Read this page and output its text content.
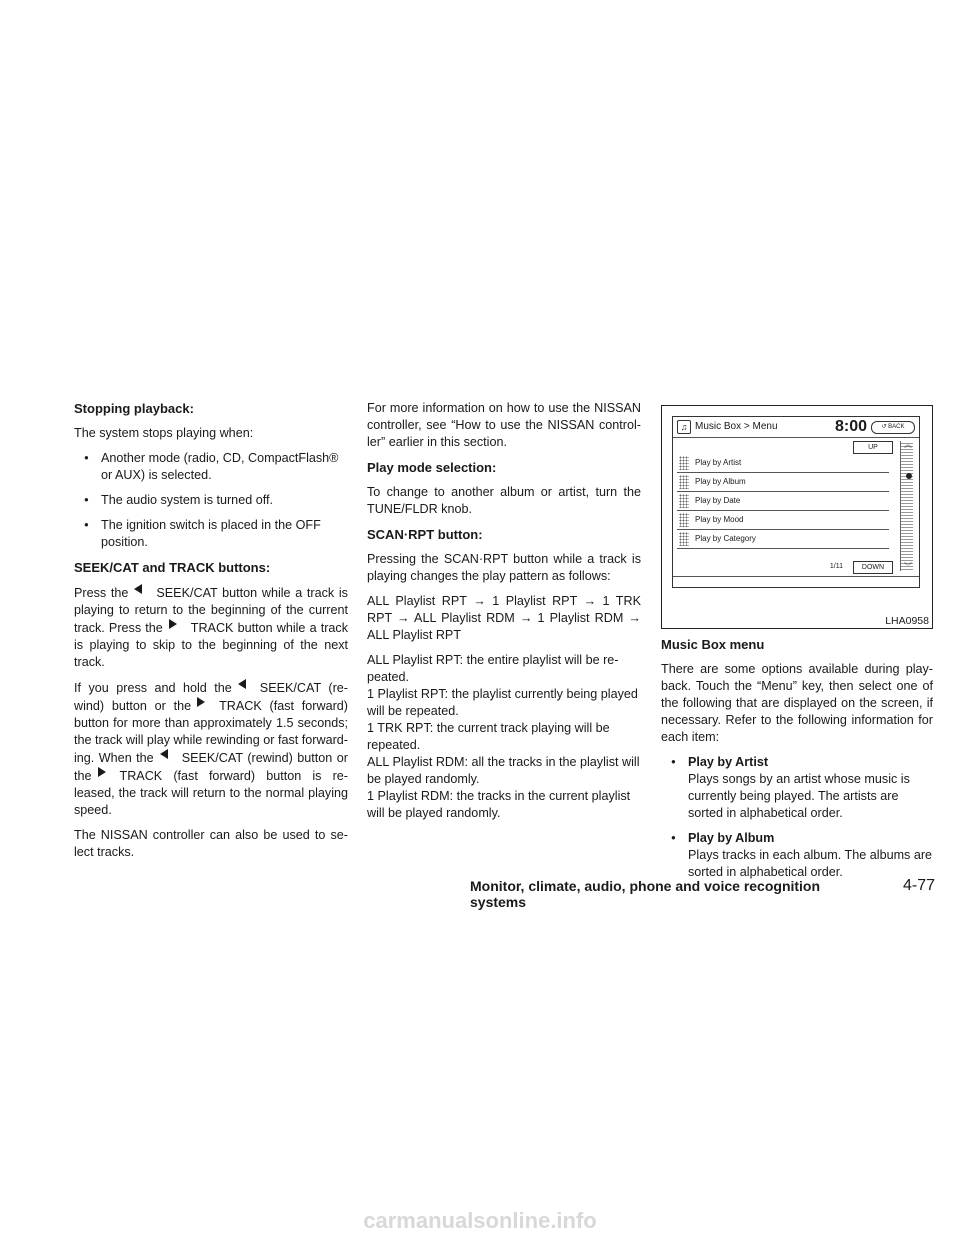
Stopping playback:

The system stops playing when:

●
Another mode (radio, CD, CompactFlash® or AUX) is selected.
●
The audio system is turned off.
●
The ignition switch is placed in the OFF position.
SEEK/CAT and TRACK buttons:

Press the SEEK/CAT button while a track is playing to return to the beginning of the current track. Press the TRACK button while a track is playing to skip to the beginning of the next track.

If you press and hold the SEEK/CAT (re-wind) button or the TRACK (fast forward) button for more than approximately 1.5 seconds; the track will play while rewinding or fast forward-ing. When the SEEK/CAT (rewind) button or the TRACK (fast forward) button is re-leased, the track will return to the normal playing speed.

The NISSAN controller can also be used to se-lect tracks.

For more information on how to use the NISSAN controller, see “How to use the NISSAN control-ler” earlier in this section.

Play mode selection:

To change to another album or artist, turn the TUNE/FLDR knob.

SCAN·RPT button:

Pressing the SCAN·RPT button while a track is playing changes the play pattern as follows:

ALL Playlist RPT → 1 Playlist RPT → 1 TRK RPT → ALL Playlist RDM → 1 Playlist RDM → ALL Playlist RPT

ALL Playlist RPT: the entire playlist will be re-peated.
1 Playlist RPT: the playlist currently being played will be repeated.
1 TRK RPT: the current track playing will be repeated.
ALL Playlist RDM: all the tracks in the playlist will be played randomly.
1 Playlist RDM: the tracks in the current playlist will be played randomly.
♫ Music Box > Menu	8:00	↺ BACK
UP
Play by Artist
Play by Album
Play by Date
Play by Mood
Play by Category
︽
︾
1/11	DOWN
LHA0958
Music Box menu

There are some options available during play-back. Touch the “Menu” key, then select one of the following that are displayed on the screen, if necessary. Refer to the following information for each item:

●
Play by Artist
Plays songs by an artist whose music is currently being played. The artists are sorted in alphabetical order.
●
Play by Album
Plays tracks in each album. The albums are sorted in alphabetical order.
Monitor, climate, audio, phone and voice recognition systems
4-77
carmanualsonline.info
